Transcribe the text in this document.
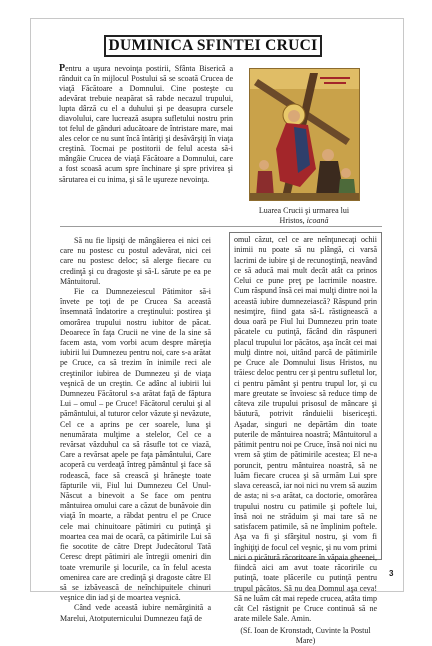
DUMINICA SFINTEI CRUCI
Pentru a uşura nevoinţa postirii, Sfânta Biserică a rânduit ca în mijlocul Postului să se scoată Crucea de viaţă Făcătoare a Domnului. Cine posteşte cu adevărat trebuie neapărat să rabde necazul trupului, lupta dârză cu el a duhului şi pe deasupra cursele diavolului, care lucrează asupra sufletului nostru prin tot felul de gânduri aducătoare de întristare mare, mai ales celor ce nu sunt încă întăriţi şi desăvârşiţi în viaţa creştină. Tocmai pe postitorii de felul acesta să-i mângâie Crucea de viaţă Făcătoare a Domnului, care a fost scoasă acum spre închinare şi spre privirea şi sărutarea ei cu inima, şi să le uşureze nevoinţa.
Luarea Crucii şi urmarea lui
Hristos, icoană

Să nu fie lipsiţi de mângâierea ei nici cei care nu postesc cu postul adevărat, nici cei care nu postesc deloc; să alerge fiecare cu credinţă şi cu dragoste şi să-L sărute pe ea pe Mântuitorul.

Fie ca Dumnezeiescul Pătimitor să-i învete pe toţi de pe Crucea Sa această însemnată îndatorire a creştinului: postirea şi omorârea trupului nostru iubitor de păcat. Deoarece în faţa Crucii ne vine de la sine să facem asta, vom vorbi acum despre măreţia iubirii lui Dumnezeu pentru noi, care s-a arătat pe Cruce, ca să trezim în inimile reci ale creştinilor iubirea de Dumnezeu şi de viaţa veşnică de un creştin. Ce adânc al iubirii lui Dumnezeu Făcătorul s-a arătat faţă de făptura Lui – omul – pe Cruce! Făcătorul cerului şi al pământului, al tuturor celor văzute şi nevăzute, Cel ce a aprins pe cer soarele, luna şi nenumărata mulţime a stelelor, Cel ce a revărsat văzduhul ca să răsufle tot ce viază, Care a revărsat apele pe faţa pământului, Care acoperă cu verdeaţă întreg pământul şi face să rodească, face să crească şi hrăneşte toate făpturile vii, Fiul lui Dumnezeu Cel Unul-Născut a binevoit a Se face om pentru mântuirea omului care a căzut de bunăvoie din viaţă în moarte, a răbdat pentru el pe Cruce cele mai chinuitoare pătimiri cu putinţă şi moartea cea mai de ocară, ca pătimirile Lui să fie socotite de către Drept Judecătorul Tată Ceresc drept pătimiri ale întregii omeniri din toate vremurile şi locurile, ca în felul acesta omenirea care are credinţă şi dragoste către El să se izbăvească de neînchipuitele chinuri veşnice din iad şi de moartea veşnică.

Când vede această iubire nemărginită a Marelui, Atotputernicului Dumnezeu faţă de

omul căzut, cel ce are neînţunecaţi ochii inimii nu poate să nu plângă, ci varsă lacrimi de iubire şi de recunoştinţă, neavând ce să aducă mai mult decât atât ca prinos Celui ce pune preţ pe lacrimile noastre. Cum răspund însă cei mai mulţi dintre noi la această iubire dumnezeiască? Răspund prin nesimţire, fiind gata să-L răstignească a doua oară pe Fiul lui Dumnezeu prin toate păcatele cu putinţă, făcând din răspuneri placul trupului lor păcătos, aşa încât cei mai mulţi dintre noi, uitând parcă de pătimirile pe Cruce ale Domnului Iisus Hristos, nu trăiesc deloc pentru cer şi pentru sufletul lor, ci pentru pământ şi pentru trupul lor, şi cu mare greutate se învoiesc să reduce timp de câteva zile trupului prisosul de mâncare şi băutură, potrivit rânduielii bisericeşti. Aşadar, singuri ne depărtăm din toate puterile de mântuirea noastră; Mântuitorul a pătimit pentru noi pe Cruce, însă noi nici nu vrem să ştim de pătimirile acestea; El ne-a poruncit, pentru mântuirea noastră, să ne luăm fiecare crucea şi să urmăm Lui spre slava cerească, iar noi nici nu vrem să auzim de asta; ni s-a arătat, ca doctorie, omorârea trupului nostru cu patimile şi poftele lui, însă noi ne străduim şi mai tare să ne satisfacem patimile, să ne împlinim poftele. Aşa va fi şi sfârşitul nostru, şi vom fi înghiţiţi de focul cel veşnic, şi nu vom primi nici o picătură răcoritoare în văpaia gheenei, fiindcă aici am avut toate răcoririle cu putinţă, toate plăcerile cu putinţă pentru trupul păcătos. Să nu dea Domnul aşa ceva! Să ne luăm cât mai repede crucea, atâta timp cât Cel răstignit pe Cruce continuă să ne arate milele Sale. Amin.
(Sf. Ioan de Kronstadt, Cuvinte la Postul
Mare)
3
